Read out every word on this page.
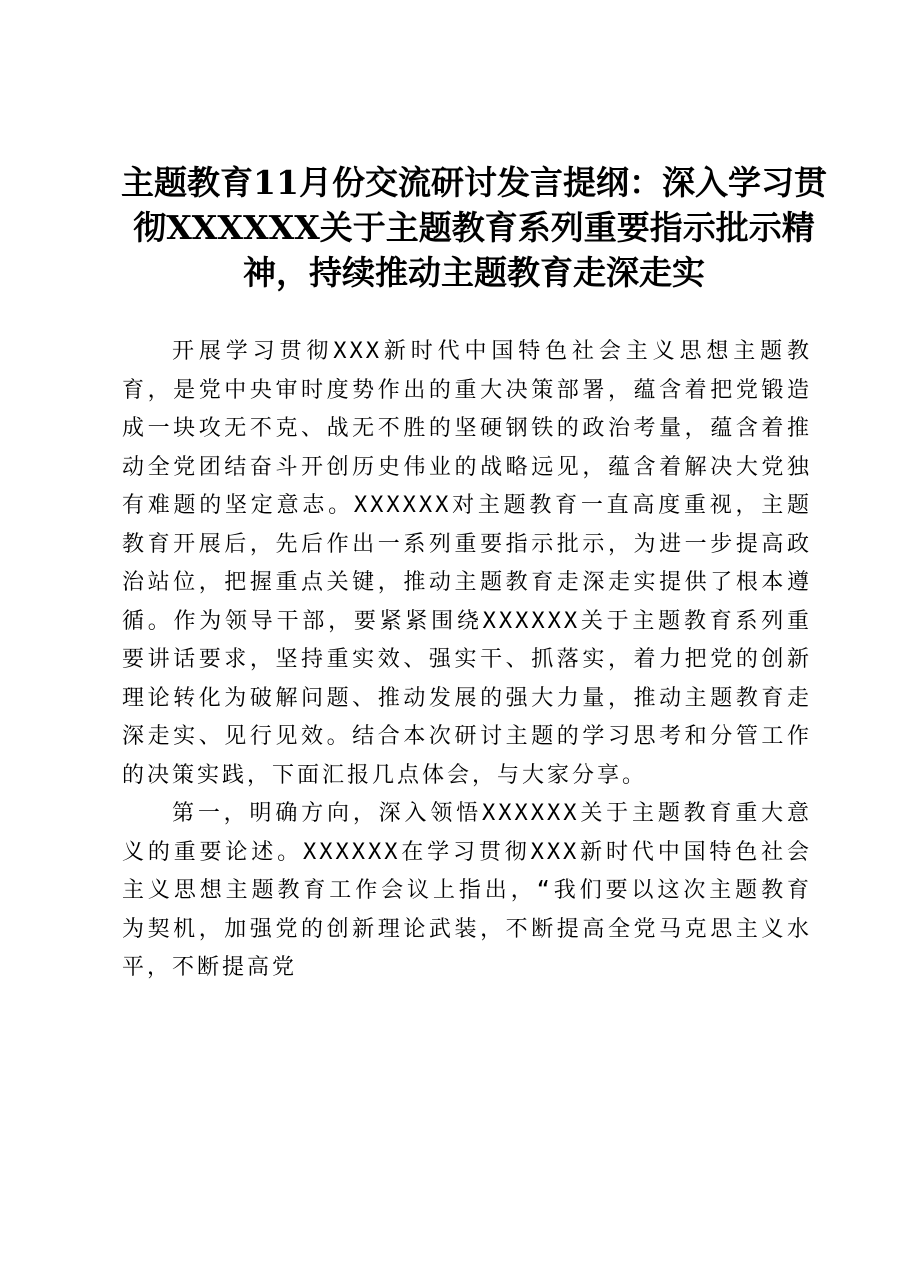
主题教育11月份交流研讨发言提纲：深入学习贯
彻XXXXXX关于主题教育系列重要指示批示精
神，持续推动主题教育走深走实

开展学习贯彻XXX新时代中国特色社会主义思想主题教育，是党中央审时度势作出的重大决策部署，蕴含着把党锻造成一块攻无不克、战无不胜的坚硬钢铁的政治考量，蕴含着推动全党团结奋斗开创历史伟业的战略远见，蕴含着解决大党独有难题的坚定意志。XXXXXX对主题教育一直高度重视，主题教育开展后，先后作出一系列重要指示批示，为进一步提高政治站位，把握重点关键，推动主题教育走深走实提供了根本遵循。作为领导干部，要紧紧围绕XXXXXX关于主题教育系列重要讲话要求，坚持重实效、强实干、抓落实，着力把党的创新理论转化为破解问题、推动发展的强大力量，推动主题教育走深走实、见行见效。结合本次研讨主题的学习思考和分管工作的决策实践，下面汇报几点体会，与大家分享。

第一，明确方向，深入领悟XXXXXX关于主题教育重大意义的重要论述。XXXXXX在学习贯彻XXX新时代中国特色社会主义思想主题教育工作会议上指出，“我们要以这次主题教育为契机，加强党的创新理论武装，不断提高全党马克思主义水平，不断提高党
